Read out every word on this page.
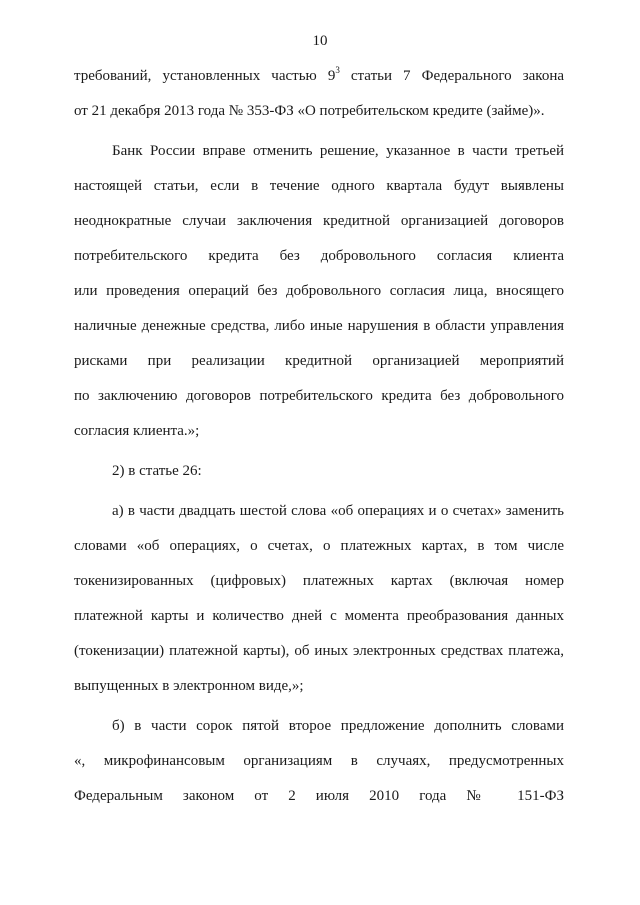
10
требований, установленных частью $9^3$ статьи 7 Федерального закона
от 21 декабря 2013 года № 353-ФЗ «О потребительском кредите (займе)».
Банк России вправе отменить решение, указанное в части третьей
настоящей статьи, если в течение одного квартала будут выявлены
неоднократные случаи заключения кредитной организацией договоров
потребительского кредита без добровольного согласия клиента
или проведения операций без добровольного согласия лица, вносящего
наличные денежные средства, либо иные нарушения в области управления
рисками при реализации кредитной организацией мероприятий
по заключению договоров потребительского кредита без добровольного
согласия клиента.»;
2) в статье 26:
а) в части двадцать шестой слова «об операциях и о счетах» заменить
словами «об операциях, о счетах, о платежных картах, в том числе
токенизированных (цифровых) платежных картах (включая номер
платежной карты и количество дней с момента преобразования данных
(токенизации) платежной карты), об иных электронных средствах платежа,
выпущенных в электронном виде,»;
б) в части сорок пятой второе предложение дополнить словами
«, микрофинансовым организациям в случаях, предусмотренных
Федеральным законом от 2 июля 2010 года № 151-ФЗ
